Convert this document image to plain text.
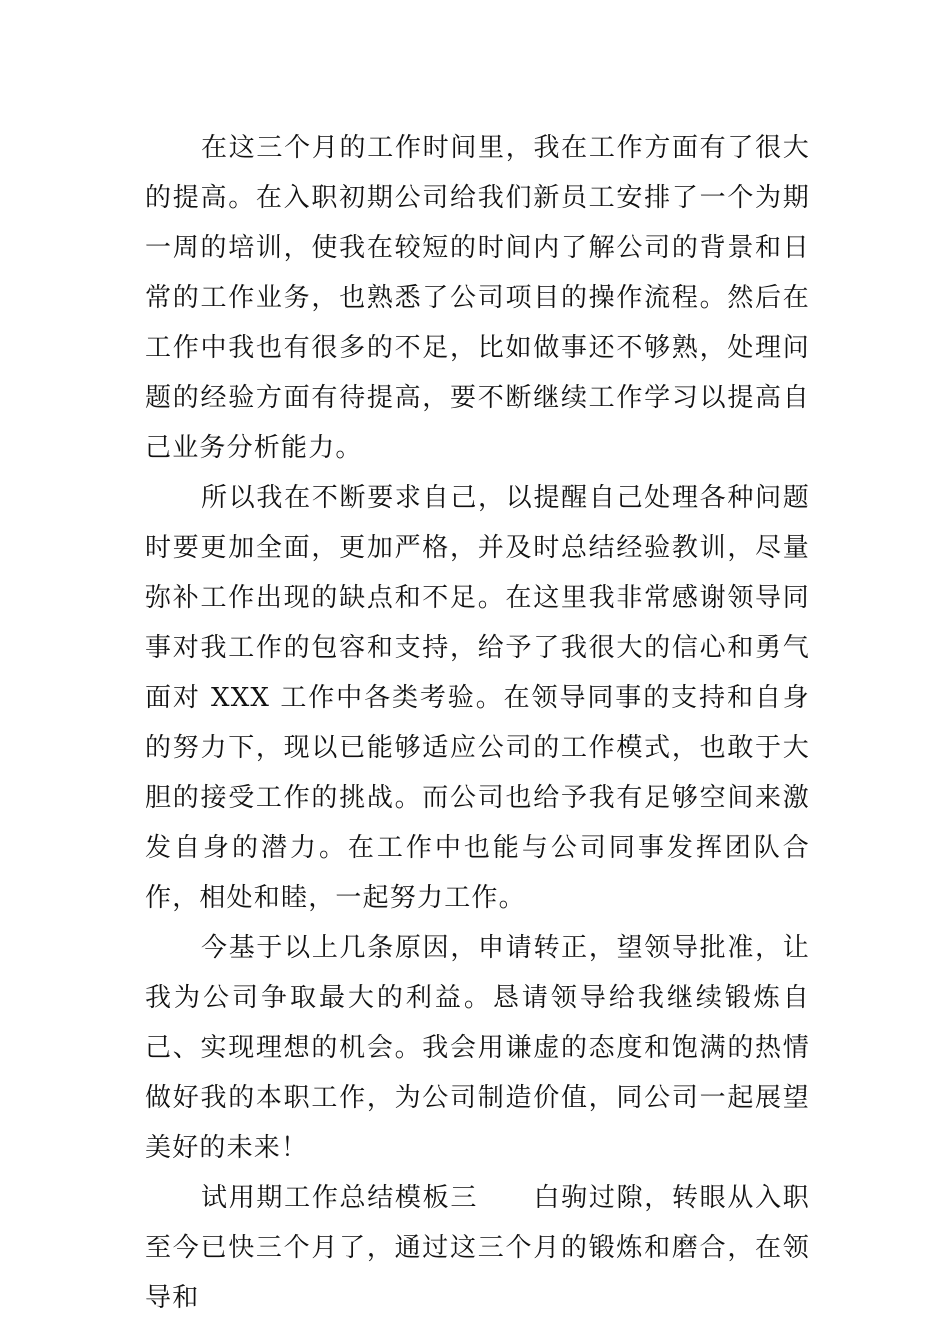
在这三个月的工作时间里，我在工作方面有了很大的提高。在入职初期公司给我们新员工安排了一个为期一周的培训，使我在较短的时间内了解公司的背景和日常的工作业务，也熟悉了公司项目的操作流程。然后在工作中我也有很多的不足，比如做事还不够熟，处理问题的经验方面有待提高，要不断继续工作学习以提高自己业务分析能力。

所以我在不断要求自己，以提醒自己处理各种问题时要更加全面，更加严格，并及时总结经验教训，尽量弥补工作出现的缺点和不足。在这里我非常感谢领导同事对我工作的包容和支持，给予了我很大的信心和勇气面对 XXX 工作中各类考验。在领导同事的支持和自身的努力下，现以已能够适应公司的工作模式，也敢于大胆的接受工作的挑战。而公司也给予我有足够空间来激发自身的潜力。在工作中也能与公司同事发挥团队合作，相处和睦，一起努力工作。

今基于以上几条原因，申请转正，望领导批准，让我为公司争取最大的利益。恳请领导给我继续锻炼自己、实现理想的机会。我会用谦虚的态度和饱满的热情做好我的本职工作，为公司制造价值，同公司一起展望美好的未来！

试用期工作总结模板三　　白驹过隙，转眼从入职至今已快三个月了，通过这三个月的锻炼和磨合，在领导和
